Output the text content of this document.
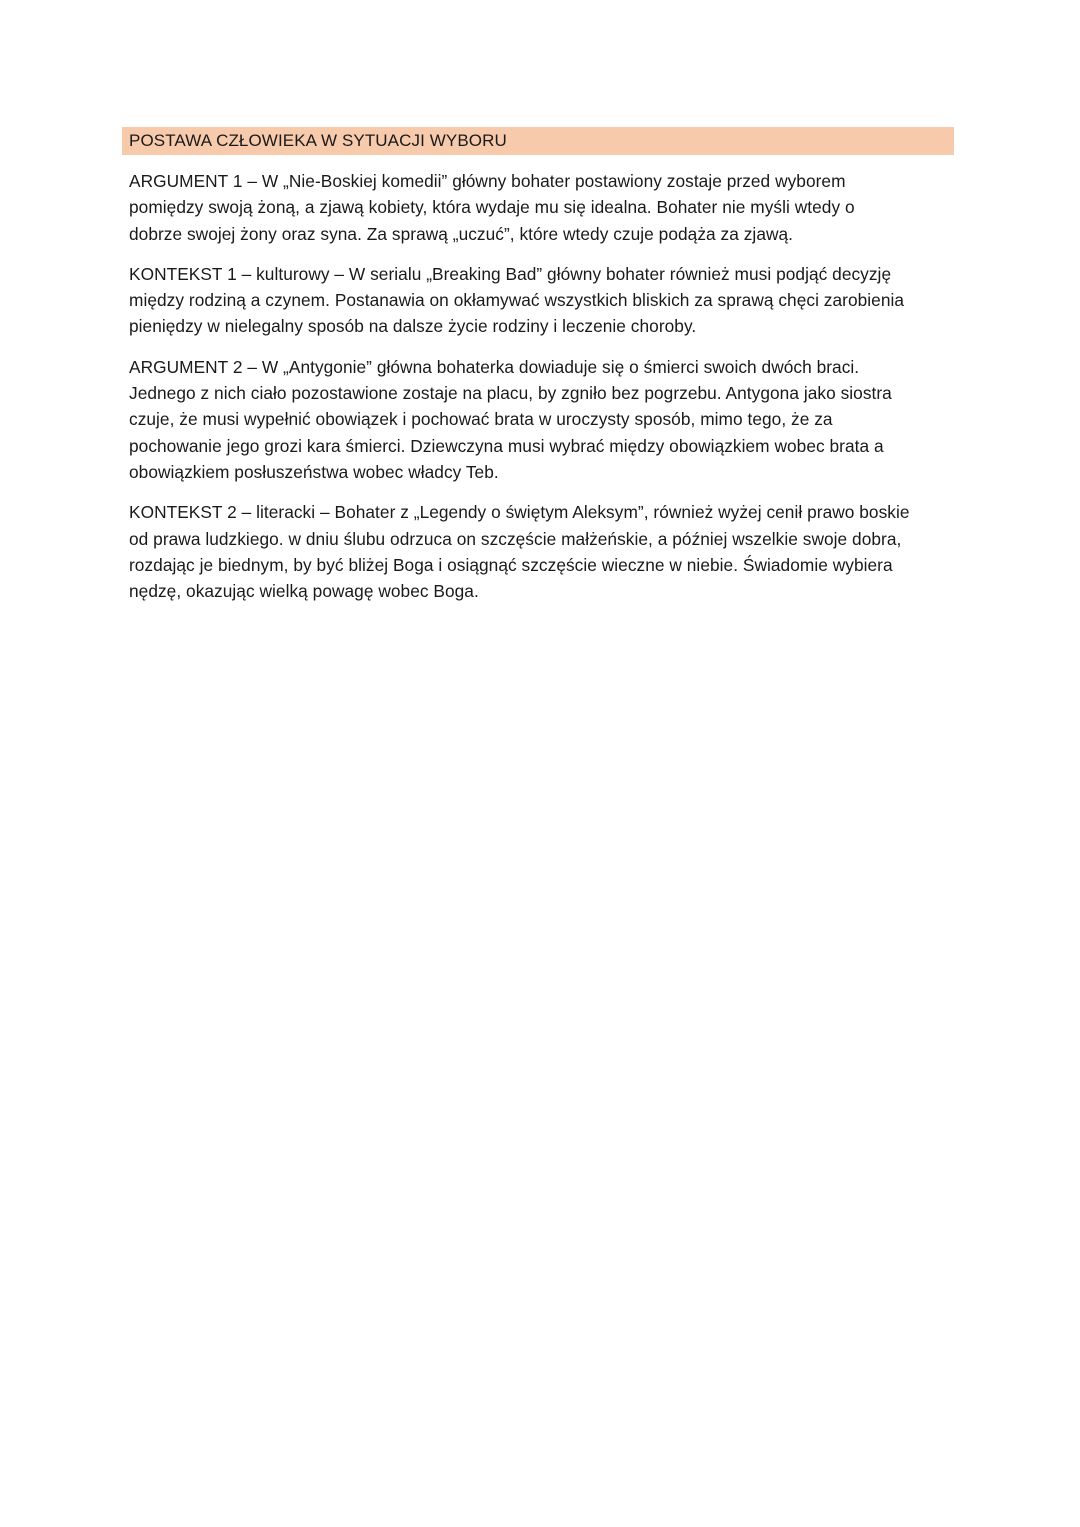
POSTAWA CZŁOWIEKA W SYTUACJI WYBORU

ARGUMENT 1 – W „Nie-Boskiej komedii” główny bohater postawiony zostaje przed wyborem
pomiędzy swoją żoną, a zjawą kobiety, która wydaje mu się idealna. Bohater nie myśli wtedy o
dobrze swojej żony oraz syna. Za sprawą „uczuć”, które wtedy czuje podąża za zjawą.

KONTEKST 1 – kulturowy – W serialu „Breaking Bad” główny bohater również musi podjąć decyzję
między rodziną a czynem. Postanawia on okłamywać wszystkich bliskich za sprawą chęci zarobienia
pieniędzy w nielegalny sposób na dalsze życie rodziny i leczenie choroby.

ARGUMENT 2 – W „Antygonie” główna bohaterka dowiaduje się o śmierci swoich dwóch braci.
Jednego z nich ciało pozostawione zostaje na placu, by zgniło bez pogrzebu. Antygona jako siostra
czuje, że musi wypełnić obowiązek i pochować brata w uroczysty sposób, mimo tego, że za
pochowanie jego grozi kara śmierci. Dziewczyna musi wybrać między obowiązkiem wobec brata a
obowiązkiem posłuszeństwa wobec władcy Teb.

KONTEKST 2 – literacki – Bohater z „Legendy o świętym Aleksym”, również wyżej cenił prawo boskie
od prawa ludzkiego. w dniu ślubu odrzuca on szczęście małżeńskie, a później wszelkie swoje dobra,
rozdając je biednym, by być bliżej Boga i osiągnąć szczęście wieczne w niebie. Świadomie wybiera
nędzę, okazując wielką powagę wobec Boga.
